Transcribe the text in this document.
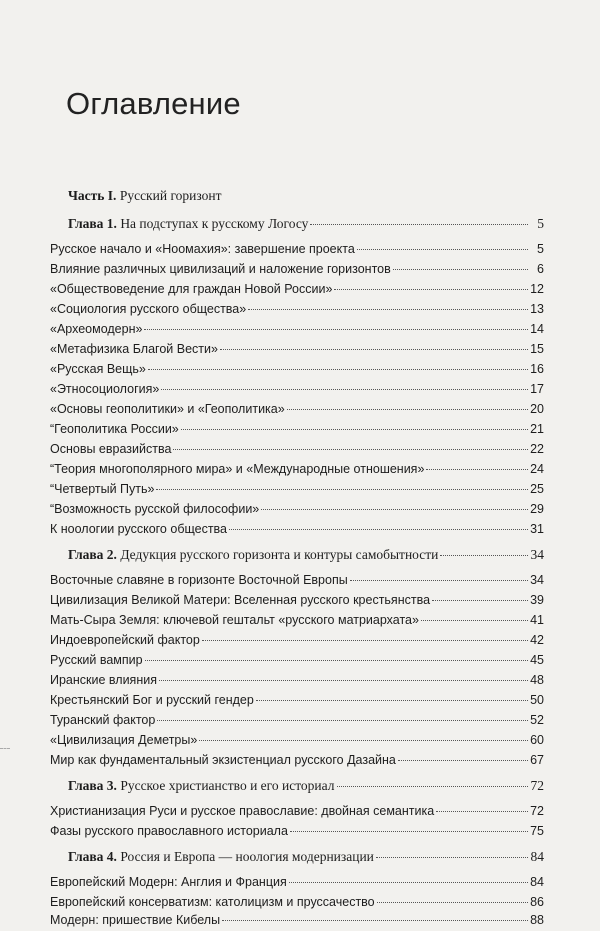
Оглавление
Часть I. Русский горизонт
Глава 1. На подступах к русскому Логосу	5
Русское начало и «Ноомахия»: завершение проекта	5
Влияние различных цивилизаций и наложение горизонтов	6
«Обществоведение для граждан Новой России»	12
«Социология русского общества»	13
«Археомодерн»	14
«Метафизика Благой Вести»	15
«Русская Вещь»	16
«Этносоциология»	17
«Основы геополитики» и «Геополитика»	20
“Геополитика России»	21
Основы евразийства	22
“Теория многополярного мира» и «Международные отношения»	24
“Четвертый Путь»	25
“Возможность русской философии»	29
К ноологии русского общества	31
Глава 2. Дедукция русского горизонта и контуры самобытности	34
Восточные славяне в горизонте Восточной Европы	34
Цивилизация Великой Матери: Вселенная русского крестьянства	39
Мать-Сыра Земля: ключевой гештальт «русского матриархата»	41
Индоевропейский фактор	42
Русский вампир	45
Иранские влияния	48
Крестьянский Бог и русский гендер	50
Туранский фактор	52
«Цивилизация Деметры»	60
Мир как фундаментальный экзистенциал русского Дазайна	67
Глава 3. Русское христианство и его историал	72
Христианизация Руси и русское православие: двойная семантика	72
Фазы русского православного историала	75
Глава 4. Россия и Европа — ноология модернизации	84
Европейский Модерн: Англия и Франция	84
Европейский консерватизм: католицизм и пруссачество	86
Модерн: пришествие Кибелы	88
